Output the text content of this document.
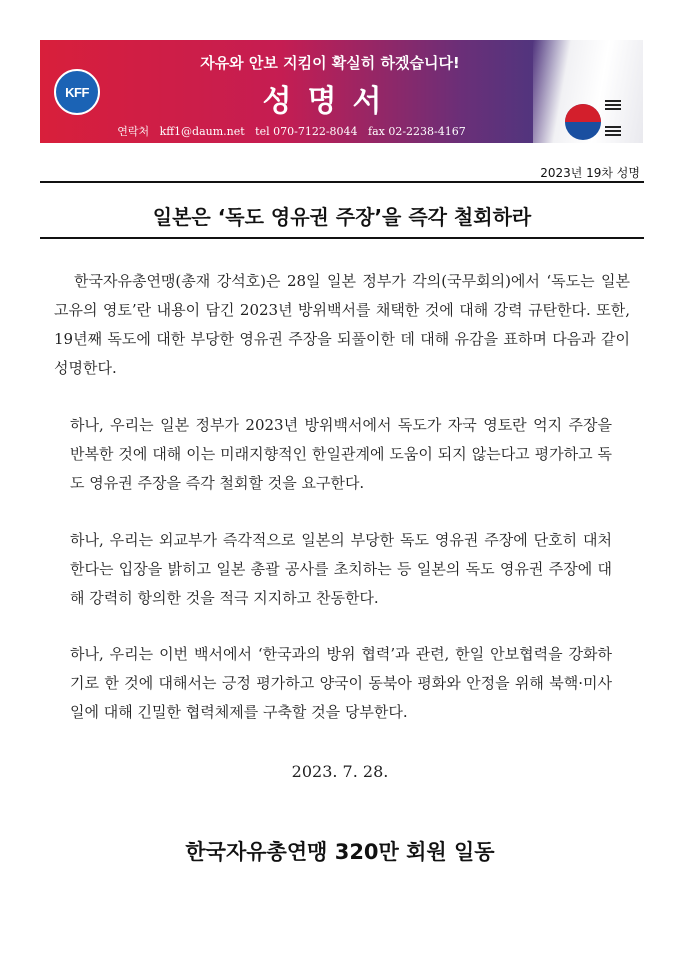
KFF
자유와 안보 지킴이 확실히 하겠습니다!
성명서
연락처   kff1@daum.net   tel 070-7122-8044   fax 02-2238-4167
2023년 19차 성명
일본은 ‘독도 영유권 주장’을 즉각 철회하라

한국자유총연맹(총재 강석호)은 28일 일본 정부가 각의(국무회의)에서 ‘독도는 일본 고유의 영토’란 내용이 담긴 2023년 방위백서를 채택한 것에 대해 강력 규탄한다. 또한, 19년째 독도에 대한 부당한 영유권 주장을 되풀이한 데 대해 유감을 표하며 다음과 같이 성명한다.

하나, 우리는 일본 정부가 2023년 방위백서에서 독도가 자국 영토란 억지 주장을 반복한 것에 대해 이는 미래지향적인 한일관계에 도움이 되지 않는다고 평가하고 독도 영유권 주장을 즉각 철회할 것을 요구한다.

하나, 우리는 외교부가 즉각적으로 일본의 부당한 독도 영유권 주장에 단호히 대처한다는 입장을 밝히고 일본 총괄 공사를 초치하는 등 일본의 독도 영유권 주장에 대해 강력히 항의한 것을 적극 지지하고 찬동한다.

하나, 우리는 이번 백서에서 ‘한국과의 방위 협력’과 관련, 한일 안보협력을 강화하기로 한 것에 대해서는 긍정 평가하고 양국이 동북아 평화와 안정을 위해 북핵·미사일에 대해 긴밀한 협력체제를 구축할 것을 당부한다.

2023. 7. 28.
한국자유총연맹 320만 회원 일동
